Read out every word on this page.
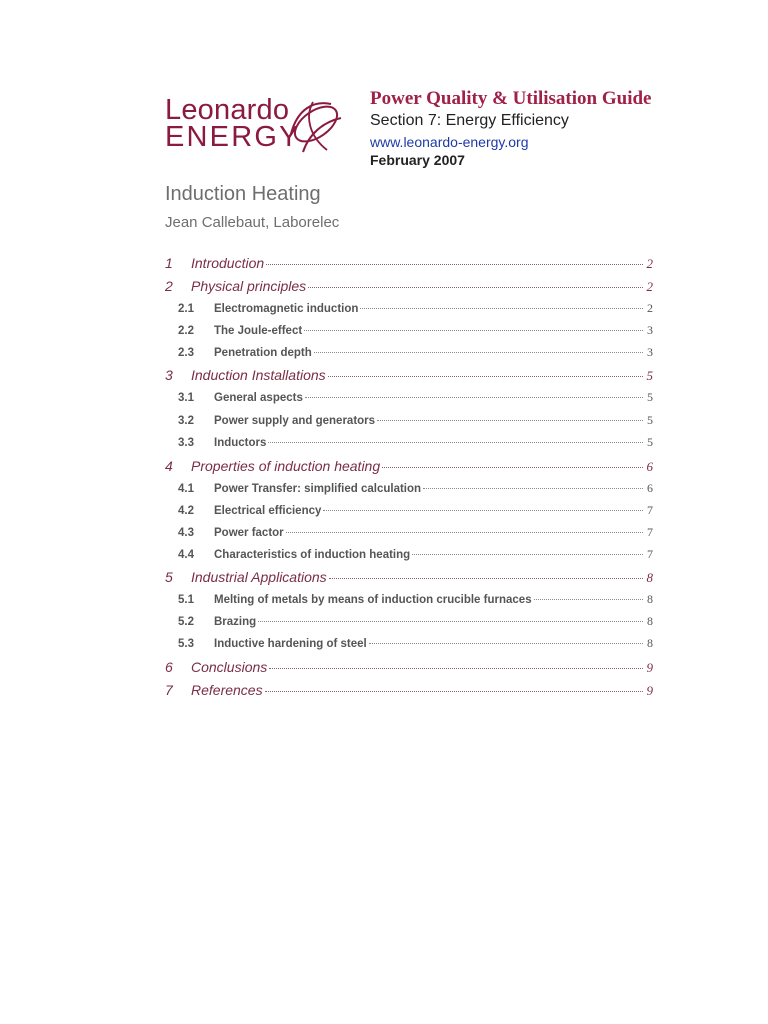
Leonardo
ENERGY
Power Quality & Utilisation Guide
Section 7: Energy Efficiency
www.leonardo-energy.org
February 2007
Induction Heating
Jean Callebaut, Laborelec
1	Introduction	2
2	Physical principles	2
2.1	Electromagnetic induction	2
2.2	The Joule-effect	3
2.3	Penetration depth	3
3	Induction Installations	5
3.1	General aspects	5
3.2	Power supply and generators	5
3.3	Inductors	5
4	Properties of induction heating	6
4.1	Power Transfer: simplified calculation	6
4.2	Electrical efficiency	7
4.3	Power factor	7
4.4	Characteristics of induction heating	7
5	Industrial Applications	8
5.1	Melting of metals by means of induction crucible furnaces	8
5.2	Brazing	8
5.3	Inductive hardening of steel	8
6	Conclusions	9
7	References	9
